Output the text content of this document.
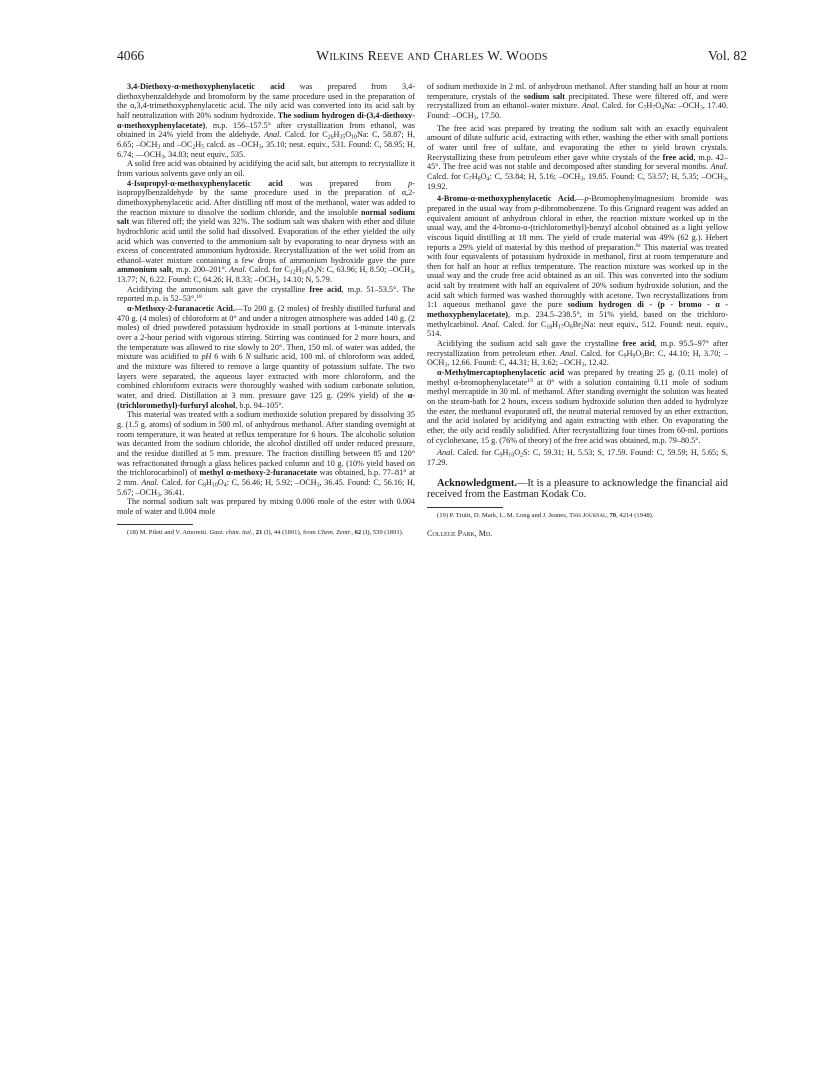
4066	Wilkins Reeve and Charles W. Woods	Vol. 82

3,4-Diethoxy-α-methoxyphenylacetic acid was prepared from 3,4-diethoxybenzaldehyde and bromoform by the same procedure used in the preparation of the α,3,4-trimethoxyphenylacetic acid. The oily acid was converted into its acid salt by half neutralization with 20% sodium hydroxide. The sodium hydrogen di-(3,4-diethoxy-α-methoxyphenylacetate), m.p. 156–157.5° after crystallization from ethanol, was obtained in 24% yield from the aldehyde. Anal. Calcd. for $C_{26}H_{35}O_{10}Na$: C, 58.87; H, 6.65; $-OCH_3$ and $-OC_2H_5$ calcd. as $-OCH_3$, 35.10; neut. equiv., 531. Found: C, 58.95; H, 6.74; $—OCH_3$, 34.83; neut equiv., 535.

A solid free acid was obtained by acidifying the acid salt, but attempts to recrystallize it from various solvents gave only an oil.

4-Isopropyl-α-methoxyphenylacetic acid was prepared from p-isopropylbenzaldehyde by the same procedure used in the preparation of α,2-dimethoxyphenylacetic acid. After distilling off most of the methanol, water was added to the reaction mixture to dissolve the sodium chloride, and the insoluble normal sodium salt was filtered off; the yield was 32%. The sodium salt was shaken with ether and dilute hydrochloric acid until the solid had dissolved. Evaporation of the ether yielded the oily acid which was converted to the ammonium salt by evaporating to near dryness with an excess of concentrated ammonium hydroxide. Recrystallization of the wet solid from an ethanol–water mixture containing a few drops of ammonium hydroxide gave the pure ammonium salt, m.p. 200–201°. Anal. Calcd. for $C_{12}H_{19}O_3N$: C, 63.96; H, 8.50; $-OCH_3$, 13.77; N, 6.22. Found: C, 64.26; H, 8.33; $-OCH_3$, 14.10; N, 5.79.

Acidifying the ammonium salt gave the crystalline free acid, m.p. 51–53.5°. The reported m.p. is 52–53°.$^{18}$

α-Methoxy-2-furanacetic Acid.—To 200 g. (2 moles) of freshly distilled furfural and 470 g. (4 moles) of chloroform at 0° and under a nitrogen atmosphere was added 140 g. (2 moles) of dried powdered potassium hydroxide in small portions at 1-minute intervals over a 2-hour period with vigorous stirring. Stirring was continued for 2 more hours, and the temperature was allowed to rise slowly to 20°. Then, 150 ml. of water was added, the mixture was acidified to pH 6 with 6 N sulfuric acid, 100 ml. of chloroform was added, and the mixture was filtered to remove a large quantity of potassium sulfate. The two layers were separated, the aqueous layer extracted with more chloroform, and the combined chloroform extracts were thoroughly washed with sodium carbonate solution, water, and dried. Distillation at 3 mm. pressure gave 125 g. (29% yield) of the α-(trichloromethyl)-furfuryl alcohol, b.p. 94–105°.

This material was treated with a sodium methoxide solution prepared by dissolving 35 g. (1.5 g. atoms) of sodium in 500 ml. of anhydrous methanol. After standing overnight at room temperature, it was heated at reflux temperature for 6 hours. The alcoholic solution was decanted from the sodium chloride, the alcohol distilled off under reduced pressure, and the residue distilled at 5 mm. pressure. The fraction distilling between 85 and 120° was refractionated through a glass helices packed column and 10 g. (10% yield based on the trichlorocarbinol) of methyl α-methoxy-2-furanacetate was obtained, b.p. 77–81° at 2 mm. Anal. Calcd. for $C_8H_{10}O_4$: C, 56.46; H, 5.92; $-OCH_3$, 36.45. Found: C, 56.16; H, 5.67; $-OCH_3$, 36.41.

The normal sodium salt was prepared by mixing 0.006 mole of the ester with 0.004 mole of water and 0.004 mole

(18) M. Pileti and V. Amoretti. Gazz. chim. ital., 21 (I), 44 (1891), from Chem. Zentr., 62 (I), 539 (1891).

of sodium methoxide in 2 ml. of anhydrous methanol. After standing half an hour at room temperature, crystals of the sodium salt precipitated. These were filtered off, and were recrystallized from an ethanol–water mixture. Anal. Calcd. for $C_7H_7O_4Na$: $-OCH_3$, 17.40. Found: $-OCH_3$, 17.50.

The free acid was prepared by treating the sodium salt with an exactly equivalent amount of dilute sulfuric acid, extracting with ether, washing the ether with small portions of water until free of sulfate, and evaporating the ether to yield brown crystals. Recrystallizing these from petroleum ether gave white crystals of the free acid, m.p. 42–45°. The free acid was not stable and decomposed after standing for several months. Anal. Calcd. for $C_7H_8O_4$: C, 53.84; H, 5.16; $-OCH_3$, 19.85. Found: C, 53.57; H, 5.35; $-OCH_3$, 19.92.

4-Bromo-α-methoxyphenylacetic Acid.—p-Bromophenylmagnesium bromide was prepared in the usual way from p-dibromobenzene. To this Grignard reagent was added an equivalent amount of anhydrous chloral in ether, the reaction mixture worked up in the usual way, and the 4-bromo-α-(trichloromethyl)-benzyl alcohol obtained as a light yellow viscous liquid distilling at 18 mm. The yield of crude material was 49% (62 g.). Hebert reports a 29% yield of material by this method of preparation.$^{8c}$ This material was treated with four equivalents of potassium hydroxide in methanol, first at room temperature and then for half an hour at reflux temperature. The reaction mixture was worked up in the usual way and the crude free acid obtained as an oil. This was converted into the sodium acid salt by treatment with half an equivalent of 20% sodium hydroxide solution, and the acid salt which formed was washed thoroughly with acetone. Two recrystallizations from 1:1 aqueous methanol gave the pure sodium hydrogen di - (p - bromo - α - methoxyphenylacetate), m.p. 234.5–238.5°, in 51% yield, based on the trichloromethylcarbinol. Anal. Calcd. for $C_{18}H_{17}O_6Br_2Na$: neut equiv., 512. Found: neut. equiv., 514.

Acidifying the sodium acid salt gave the crystalline free acid, m.p. 95.5–97° after recrystallization from petroleum ether. Anal. Calcd. for $C_9H_9O_3Br$: C, 44.10; H, 3.70; $-OCH_3$, 12.66. Found: C, 44.31; H, 3.62; $-OCH_3$, 12.42.

α-Methylmercaptophenylacetic acid was prepared by treating 25 g. (0.11 mole) of methyl α-bromophenylacetate$^{19}$ at 0° with a solution containing 0.11 mole of sodium methyl mercaptide in 30 ml. of methanol. After standing overnight the solution was heated on the steam-bath for 2 hours, excess sodium hydroxide solution then added to hydrolyze the ester, the methanol evaporated off, the neutral material removed by an ether extraction, and the acid isolated by acidifying and again extracting with ether. On evaporating the ether, the oily acid readily solidified. After recrystallizing four times from 60-ml. portions of cyclohexane, 15 g. (76% of theory) of the free acid was obtained, m.p. 79–80.5°.

Anal. Calcd. for $C_9H_{10}O_2S$: C, 59.31; H, 5.53; S, 17.59. Found: C, 59.59; H, 5.65; S, 17.29.

Acknowledgment.—It is a pleasure to acknowledge the financial aid received from the Eastman Kodak Co.

(19) P. Truitt, D. Mark, L. M. Long and J. Jeanes, This Journal, 70, 4214 (1948).

College Park, Md.
